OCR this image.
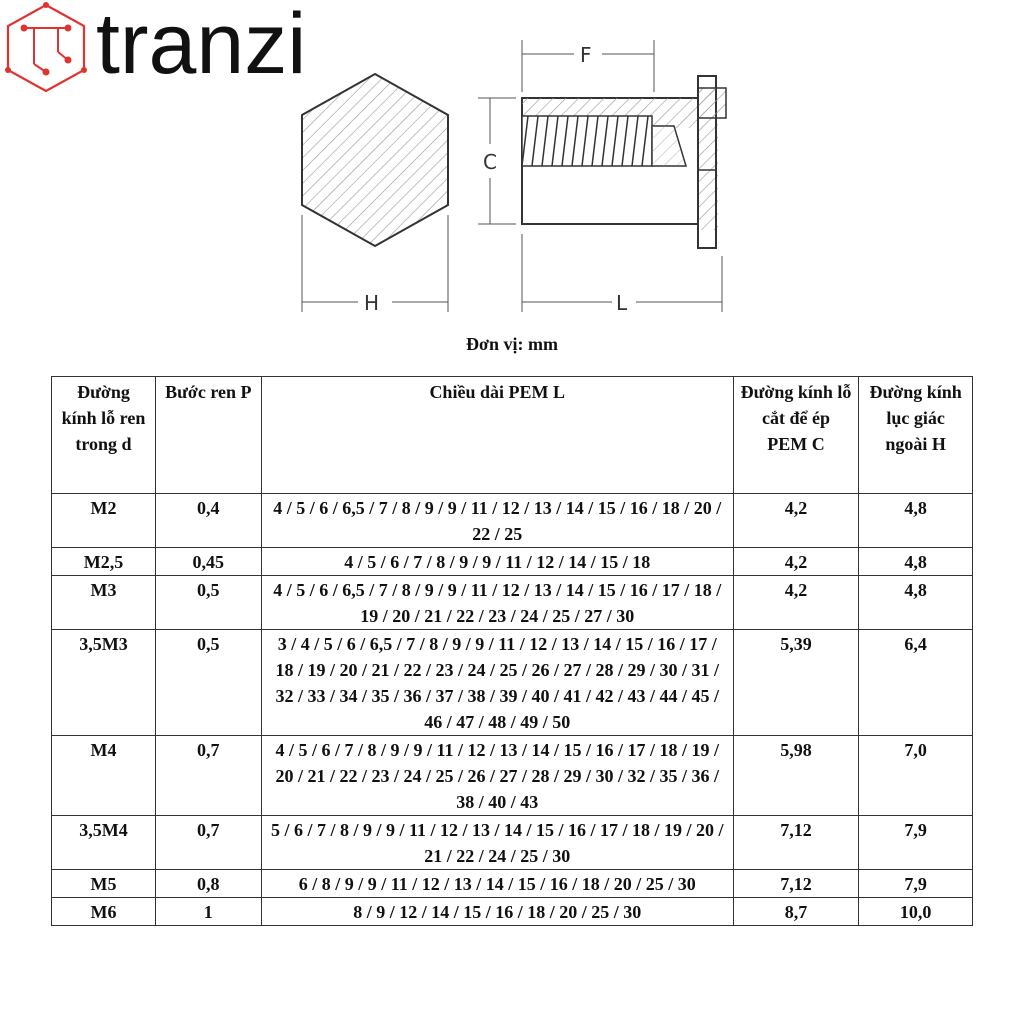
tranzi
H
F
C
L
Đơn vị: mm
Đường kính lỗ ren trong d	Bước ren P	Chiều dài PEM L	Đường kính lỗ cắt để ép PEM C	Đường kính lục giác ngoài H
M2	0,4	4 / 5 / 6 / 6,5 / 7 / 8 / 9 / 9 / 11 / 12 / 13 / 14 / 15 / 16 / 18 / 20 / 22 / 25	4,2	4,8
M2,5	0,45	4 / 5 / 6 / 7 / 8 / 9 / 9 / 11 / 12 / 14 / 15 / 18	4,2	4,8
M3	0,5	4 / 5 / 6 / 6,5 / 7 / 8 / 9 / 9 / 11 / 12 / 13 / 14 / 15 / 16 / 17 / 18 / 19 / 20 / 21 / 22 / 23 / 24 / 25 / 27 / 30	4,2	4,8
3,5M3	0,5	3 / 4 / 5 / 6 / 6,5 / 7 / 8 / 9 / 9 / 11 / 12 / 13 / 14 / 15 / 16 / 17 / 18 / 19 / 20 / 21 / 22 / 23 / 24 / 25 / 26 / 27 / 28 / 29 / 30 / 31 / 32 / 33 / 34 / 35 / 36 / 37 / 38 / 39 / 40 / 41 / 42 / 43 / 44 / 45 / 46 / 47 / 48 / 49 / 50	5,39	6,4
M4	0,7	4 / 5 / 6 / 7 / 8 / 9 / 9 / 11 / 12 / 13 / 14 / 15 / 16 / 17 / 18 / 19 / 20 / 21 / 22 / 23 / 24 / 25 / 26 / 27 / 28 / 29 / 30 / 32 / 35 / 36 / 38 / 40 / 43	5,98	7,0
3,5M4	0,7	5 / 6 / 7 / 8 / 9 / 9 / 11 / 12 / 13 / 14 / 15 / 16 / 17 / 18 / 19 / 20 / 21 / 22 / 24 / 25 / 30	7,12	7,9
M5	0,8	6 / 8 / 9 / 9 / 11 / 12 / 13 / 14 / 15 / 16 / 18 / 20 / 25 / 30	7,12	7,9
M6	1	8 / 9 / 12 / 14 / 15 / 16 / 18 / 20 / 25 / 30	8,7	10,0
